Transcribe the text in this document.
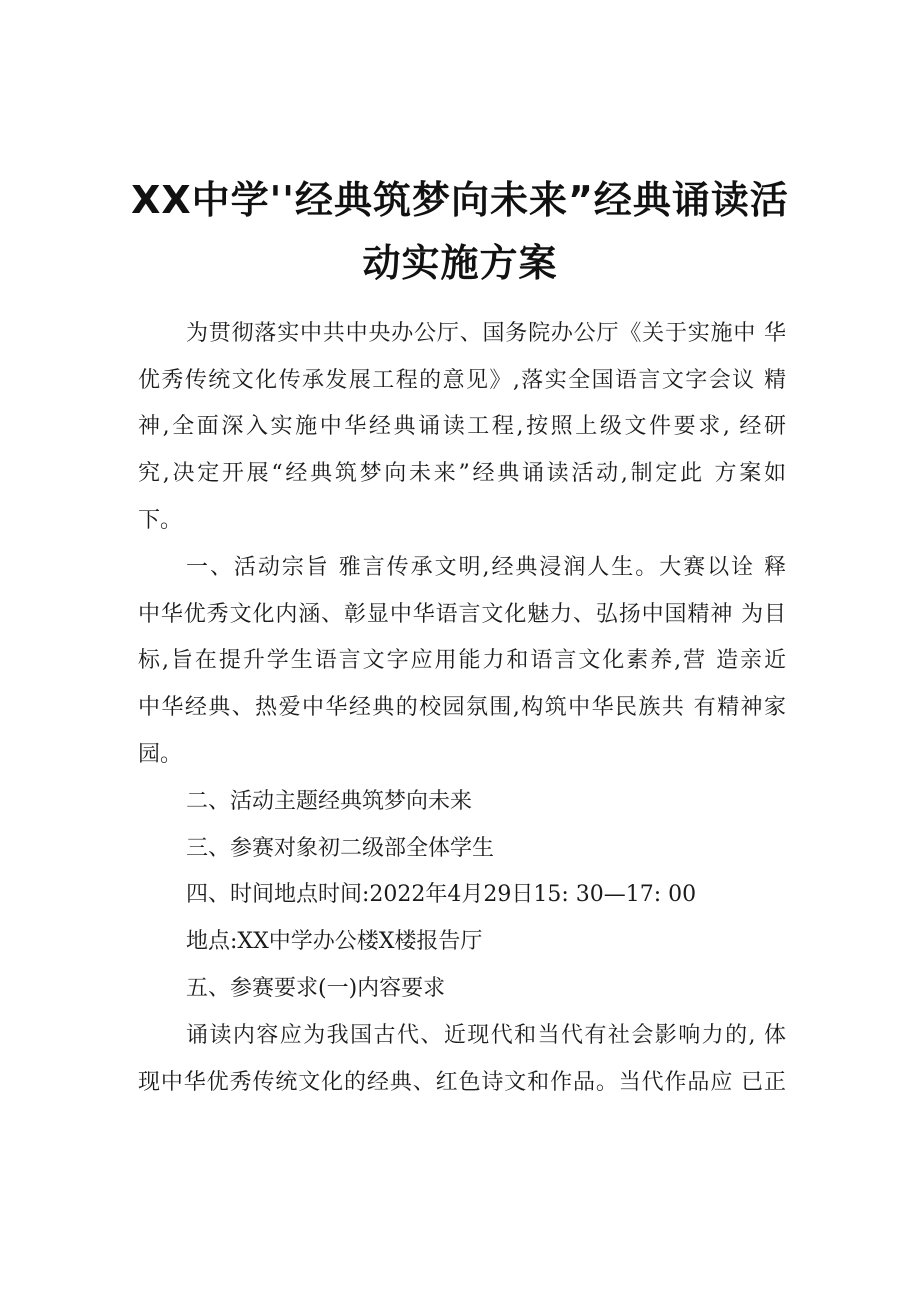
XX中学''经典筑梦向未来”经典诵读活
动实施方案
为贯彻落实中共中央办公厅、国务院办公厅《关于实施中 华
优秀传统文化传承发展工程的意见》,落实全国语言文字会议 精
神,全面深入实施中华经典诵读工程,按照上级文件要求, 经研
究,决定开展“经典筑梦向未来”经典诵读活动,制定此 方案如
下。
一、活动宗旨 雅言传承文明,经典浸润人生。大赛以诠 释
中华优秀文化内涵、彰显中华语言文化魅力、弘扬中国精神 为目
标,旨在提升学生语言文字应用能力和语言文化素养,营 造亲近
中华经典、热爱中华经典的校园氛围,构筑中华民族共 有精神家
园。
二、活动主题经典筑梦向未来
三、参赛对象初二级部全体学生
四、时间地点时间:2022年4月29日15: 30—17: 00
地点:XX中学办公楼X楼报告厅
五、参赛要求(一)内容要求
诵读内容应为我国古代、近现代和当代有社会影响力的, 体
现中华优秀传统文化的经典、红色诗文和作品。当代作品应 已正
